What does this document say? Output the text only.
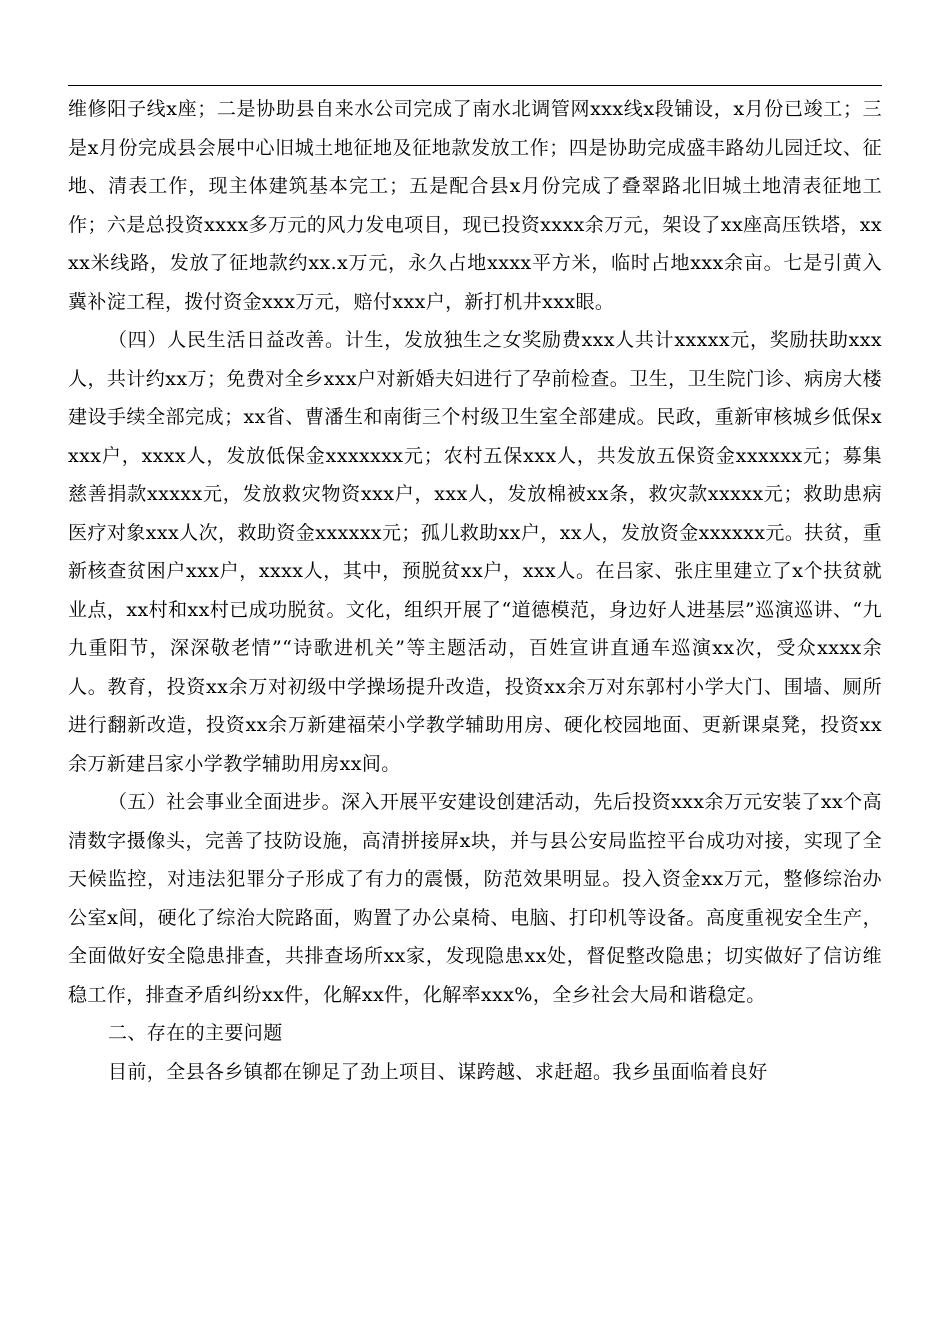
维修阳子线x座；二是协助县自来水公司完成了南水北调管网xxx线x段铺设，x月份已竣工；三是x月份完成县会展中心旧城土地征地及征地款发放工作；四是协助完成盛丰路幼儿园迁坟、征地、清表工作，现主体建筑基本完工；五是配合县x月份完成了叠翠路北旧城土地清表征地工作；六是总投资xxxx多万元的风力发电项目，现已投资xxxx余万元，架设了xx座高压铁塔，xxxx米线路，发放了征地款约xx.x万元，永久占地xxxx平方米，临时占地xxx余亩。七是引黄入冀补淀工程，拨付资金xxx万元，赔付xxx户，新打机井xxx眼。

（四）人民生活日益改善。计生，发放独生之女奖励费xxx人共计xxxxx元，奖励扶助xxx人，共计约xx万；免费对全乡xxx户对新婚夫妇进行了孕前检查。卫生，卫生院门诊、病房大楼建设手续全部完成；xx省、曹潘生和南街三个村级卫生室全部建成。民政，重新审核城乡低保xxxx户，xxxx人，发放低保金xxxxxxx元；农村五保xxx人，共发放五保资金xxxxxx元；募集慈善捐款xxxxx元，发放救灾物资xxx户，xxx人，发放棉被xx条，救灾款xxxxx元；救助患病医疗对象xxx人次，救助资金xxxxxx元；孤儿救助xx户，xx人，发放资金xxxxxx元。扶贫，重新核查贫困户xxx户，xxxx人，其中，预脱贫xx户，xxx人。在吕家、张庄里建立了x个扶贫就业点，xx村和xx村已成功脱贫。文化，组织开展了“道德模范，身边好人进基层”巡演巡讲、“九九重阳节，深深敬老情”“诗歌进机关”等主题活动，百姓宣讲直通车巡演xx次，受众xxxx余人。教育，投资xx余万对初级中学操场提升改造，投资xx余万对东郭村小学大门、围墙、厕所进行翻新改造，投资xx余万新建福荣小学教学辅助用房、硬化校园地面、更新课桌凳，投资xx余万新建吕家小学教学辅助用房xx间。

（五）社会事业全面进步。深入开展平安建设创建活动，先后投资xxx余万元安装了xx个高清数字摄像头，完善了技防设施，高清拼接屏x块，并与县公安局监控平台成功对接，实现了全天候监控，对违法犯罪分子形成了有力的震慑，防范效果明显。投入资金xx万元，整修综治办公室x间，硬化了综治大院路面，购置了办公桌椅、电脑、打印机等设备。高度重视安全生产，全面做好安全隐患排查，共排查场所xx家，发现隐患xx处，督促整改隐患；切实做好了信访维稳工作，排查矛盾纠纷xx件，化解xx件，化解率xxx%，全乡社会大局和谐稳定。

二、存在的主要问题

目前，全县各乡镇都在铆足了劲上项目、谋跨越、求赶超。我乡虽面临着良好
